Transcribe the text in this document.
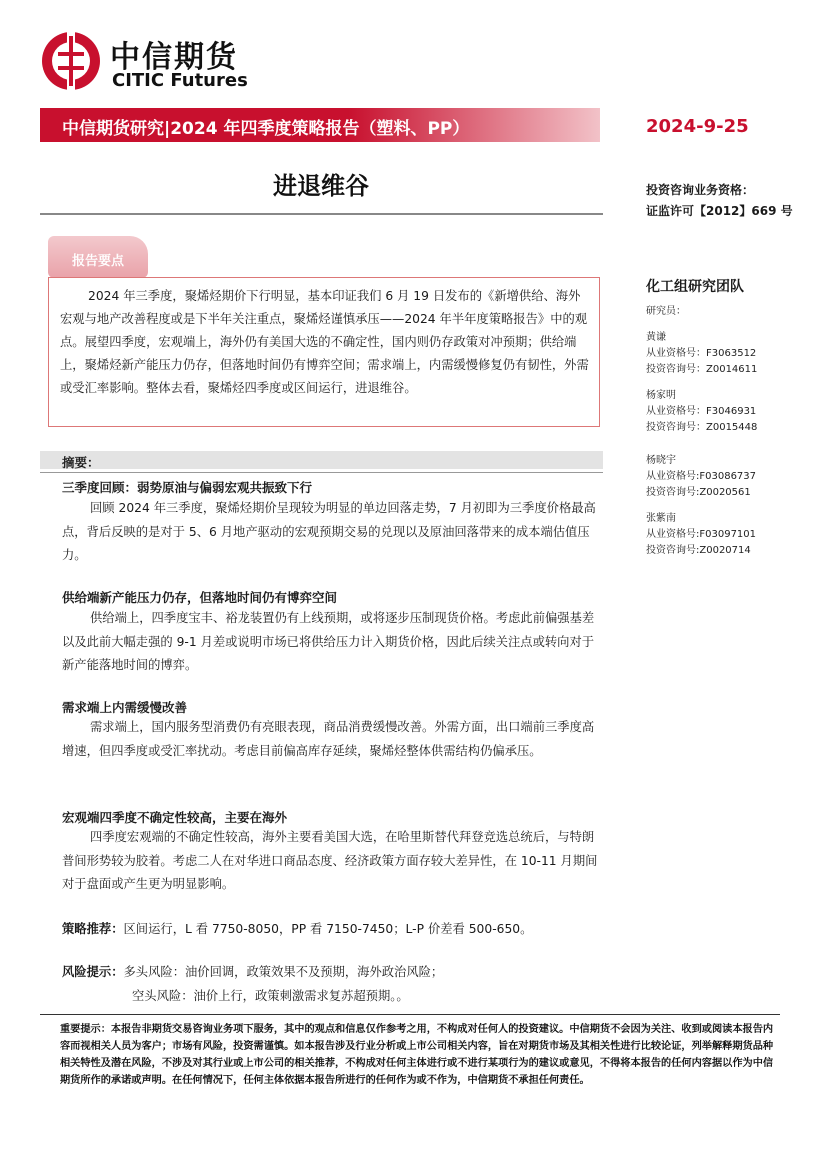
中信期货
CITIC Futures
中信期货研究|2024 年四季度策略报告（塑料、PP）	2024-9-25
进退维谷	投资咨询业务资格：
证监许可【2012】669 号
报告要点
2024 年三季度，聚烯烃期价下行明显，基本印证我们 6 月 19 日发布的《新增供给、海外宏观与地产改善程度或是下半年关注重点，聚烯烃谨慎承压——2024 年半年度策略报告》中的观点。展望四季度，宏观端上，海外仍有美国大选的不确定性，国内则仍存政策对冲预期；供给端上，聚烯烃新产能压力仍存，但落地时间仍有博弈空间；需求端上，内需缓慢修复仍有韧性，外需或受汇率影响。整体去看，聚烯烃四季度或区间运行，进退维谷。
化工组研究团队
研究员：
黄谦
从业资格号：F3063512
投资咨询号：Z0014611
杨家明
从业资格号：F3046931
投资咨询号：Z0015448
杨晓宇
从业资格号:F03086737
投资咨询号:Z0020561
张紫南
从业资格号:F03097101
投资咨询号:Z0020714
摘要：
三季度回顾：弱势原油与偏弱宏观共振致下行
回顾 2024 年三季度，聚烯烃期价呈现较为明显的单边回落走势，7 月初即为三季度价格最高点，背后反映的是对于 5、6 月地产驱动的宏观预期交易的兑现以及原油回落带来的成本端估值压力。
供给端新产能压力仍存，但落地时间仍有博弈空间
供给端上，四季度宝丰、裕龙装置仍有上线预期，或将逐步压制现货价格。考虑此前偏强基差以及此前大幅走强的 9-1 月差或说明市场已将供给压力计入期货价格，因此后续关注点或转向对于新产能落地时间的博弈。
需求端上内需缓慢改善
需求端上，国内服务型消费仍有亮眼表现，商品消费缓慢改善。外需方面，出口端前三季度高增速，但四季度或受汇率扰动。考虑目前偏高库存延续，聚烯烃整体供需结构仍偏承压。
宏观端四季度不确定性较高，主要在海外
四季度宏观端的不确定性较高，海外主要看美国大选，在哈里斯替代拜登竞选总统后，与特朗普间形势较为胶着。考虑二人在对华进口商品态度、经济政策方面存较大差异性，在 10-11 月期间对于盘面或产生更为明显影响。
策略推荐：区间运行，L 看 7750-8050，PP 看 7150-7450；L-P 价差看 500-650。
风险提示：多头风险：油价回调，政策效果不及预期，海外政治风险；
空头风险：油价上行，政策刺激需求复苏超预期。。
重要提示：本报告非期货交易咨询业务项下服务，其中的观点和信息仅作参考之用，不构成对任何人的投资建议。中信期货不会因为关注、收到或阅读本报告内容而视相关人员为客户；市场有风险，投资需谨慎。如本报告涉及行业分析或上市公司相关内容，旨在对期货市场及其相关性进行比较论证，列举解释期货品种相关特性及潜在风险，不涉及对其行业或上市公司的相关推荐，不构成对任何主体进行或不进行某项行为的建议或意见，不得将本报告的任何内容据以作为中信期货所作的承诺或声明。在任何情况下，任何主体依据本报告所进行的任何作为或不作为，中信期货不承担任何责任。
